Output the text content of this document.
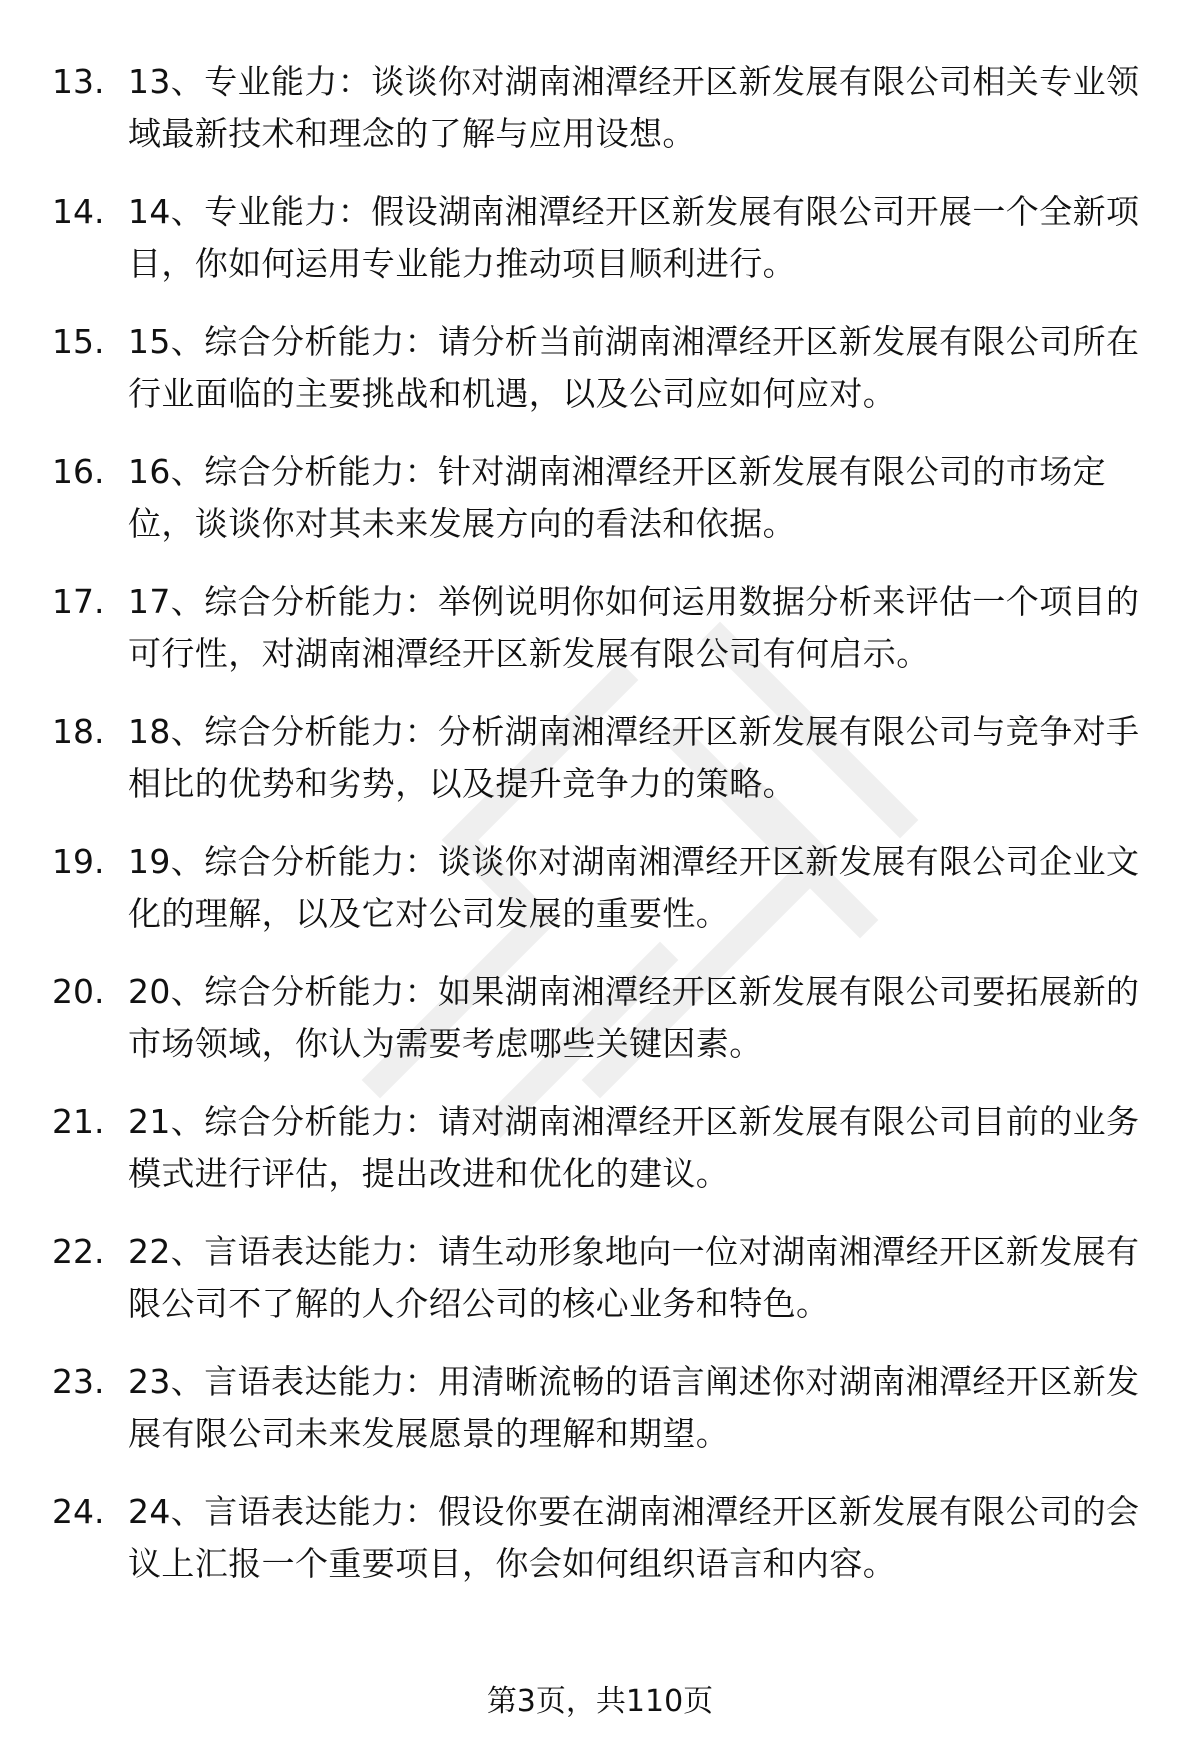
13. 13、专业能力：谈谈你对湖南湘潭经开区新发展有限公司相关专业领域最新技术和理念的了解与应用设想。
14. 14、专业能力：假设湖南湘潭经开区新发展有限公司开展一个全新项目，你如何运用专业能力推动项目顺利进行。
15. 15、综合分析能力：请分析当前湖南湘潭经开区新发展有限公司所在行业面临的主要挑战和机遇，以及公司应如何应对。
16. 16、综合分析能力：针对湖南湘潭经开区新发展有限公司的市场定位，谈谈你对其未来发展方向的看法和依据。
17. 17、综合分析能力：举例说明你如何运用数据分析来评估一个项目的可行性，对湖南湘潭经开区新发展有限公司有何启示。
18. 18、综合分析能力：分析湖南湘潭经开区新发展有限公司与竞争对手相比的优势和劣势，以及提升竞争力的策略。
19. 19、综合分析能力：谈谈你对湖南湘潭经开区新发展有限公司企业文化的理解，以及它对公司发展的重要性。
20. 20、综合分析能力：如果湖南湘潭经开区新发展有限公司要拓展新的市场领域，你认为需要考虑哪些关键因素。
21. 21、综合分析能力：请对湖南湘潭经开区新发展有限公司目前的业务模式进行评估，提出改进和优化的建议。
22. 22、言语表达能力：请生动形象地向一位对湖南湘潭经开区新发展有限公司不了解的人介绍公司的核心业务和特色。
23. 23、言语表达能力：用清晰流畅的语言阐述你对湖南湘潭经开区新发展有限公司未来发展愿景的理解和期望。
24. 24、言语表达能力：假设你要在湖南湘潭经开区新发展有限公司的会议上汇报一个重要项目，你会如何组织语言和内容。
第3页，共110页
